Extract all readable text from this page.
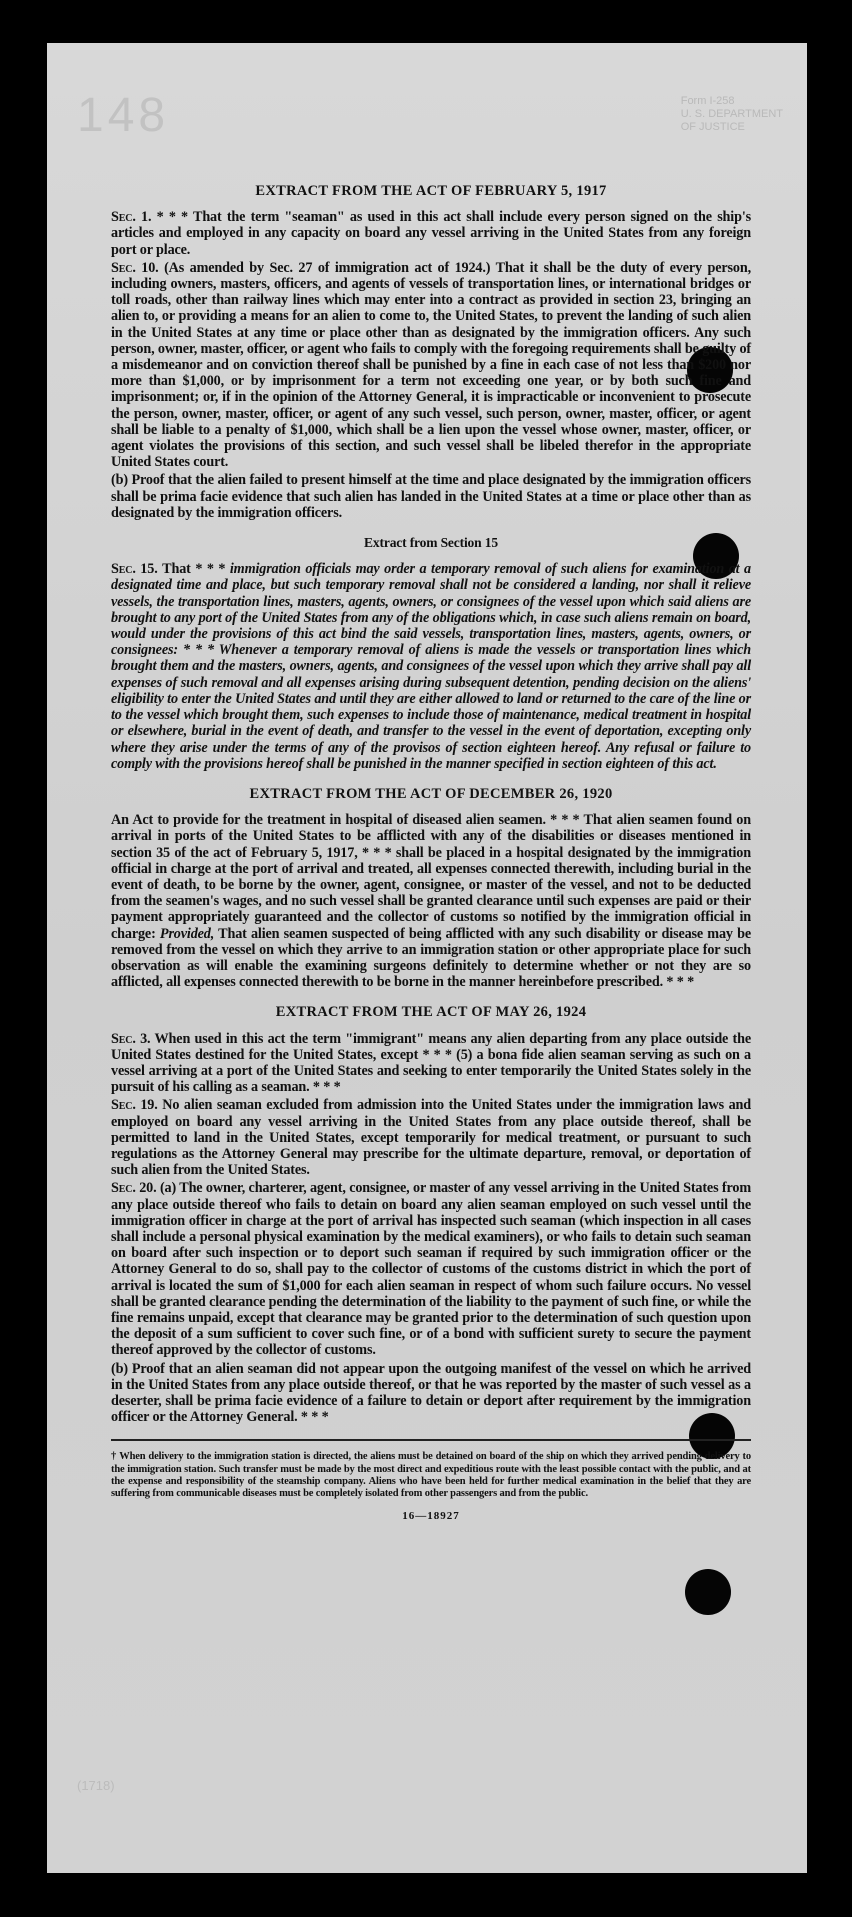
148	Form I-258
U. S. DEPARTMENT
OF JUSTICE
(1718)
EXTRACT FROM THE ACT OF FEBRUARY 5, 1917

Sec. 1. * * * That the term "seaman" as used in this act shall include every person signed on the ship's articles and employed in any capacity on board any vessel arriving in the United States from any foreign port or place.

Sec. 10. (As amended by Sec. 27 of immigration act of 1924.) That it shall be the duty of every person, including owners, masters, officers, and agents of vessels of transportation lines, or international bridges or toll roads, other than railway lines which may enter into a contract as provided in section 23, bringing an alien to, or providing a means for an alien to come to, the United States, to prevent the landing of such alien in the United States at any time or place other than as designated by the immigration officers. Any such person, owner, master, officer, or agent who fails to comply with the foregoing requirements shall be guilty of a misdemeanor and on conviction thereof shall be punished by a fine in each case of not less than $200 nor more than $1,000, or by imprisonment for a term not exceeding one year, or by both such fine and imprisonment; or, if in the opinion of the Attorney General, it is impracticable or inconvenient to prosecute the person, owner, master, officer, or agent of any such vessel, such person, owner, master, officer, or agent shall be liable to a penalty of $1,000, which shall be a lien upon the vessel whose owner, master, officer, or agent violates the provisions of this section, and such vessel shall be libeled therefor in the appropriate United States court.

(b) Proof that the alien failed to present himself at the time and place designated by the immigration officers shall be prima facie evidence that such alien has landed in the United States at a time or place other than as designated by the immigration officers.

Extract from Section 15

Sec. 15. That * * * immigration officials may order a temporary removal of such aliens for examination at a designated time and place, but such temporary removal shall not be considered a landing, nor shall it relieve vessels, the transportation lines, masters, agents, owners, or consignees of the vessel upon which said aliens are brought to any port of the United States from any of the obligations which, in case such aliens remain on board, would under the provisions of this act bind the said vessels, transportation lines, masters, agents, owners, or consignees: * * * Whenever a temporary removal of aliens is made the vessels or transportation lines which brought them and the masters, owners, agents, and consignees of the vessel upon which they arrive shall pay all expenses of such removal and all expenses arising during subsequent detention, pending decision on the aliens' eligibility to enter the United States and until they are either allowed to land or returned to the care of the line or to the vessel which brought them, such expenses to include those of maintenance, medical treatment in hospital or elsewhere, burial in the event of death, and transfer to the vessel in the event of deportation, excepting only where they arise under the terms of any of the provisos of section eighteen hereof. Any refusal or failure to comply with the provisions hereof shall be punished in the manner specified in section eighteen of this act.

EXTRACT FROM THE ACT OF DECEMBER 26, 1920

An Act to provide for the treatment in hospital of diseased alien seamen. * * * That alien seamen found on arrival in ports of the United States to be afflicted with any of the disabilities or diseases mentioned in section 35 of the act of February 5, 1917, * * * shall be placed in a hospital designated by the immigration official in charge at the port of arrival and treated, all expenses connected therewith, including burial in the event of death, to be borne by the owner, agent, consignee, or master of the vessel, and not to be deducted from the seamen's wages, and no such vessel shall be granted clearance until such expenses are paid or their payment appropriately guaranteed and the collector of customs so notified by the immigration official in charge: Provided, That alien seamen suspected of being afflicted with any such disability or disease may be removed from the vessel on which they arrive to an immigration station or other appropriate place for such observation as will enable the examining surgeons definitely to determine whether or not they are so afflicted, all expenses connected therewith to be borne in the manner hereinbefore prescribed. * * *

EXTRACT FROM THE ACT OF MAY 26, 1924

Sec. 3. When used in this act the term "immigrant" means any alien departing from any place outside the United States destined for the United States, except * * * (5) a bona fide alien seaman serving as such on a vessel arriving at a port of the United States and seeking to enter temporarily the United States solely in the pursuit of his calling as a seaman. * * *

Sec. 19. No alien seaman excluded from admission into the United States under the immigration laws and employed on board any vessel arriving in the United States from any place outside thereof, shall be permitted to land in the United States, except temporarily for medical treatment, or pursuant to such regulations as the Attorney General may prescribe for the ultimate departure, removal, or deportation of such alien from the United States.

Sec. 20. (a) The owner, charterer, agent, consignee, or master of any vessel arriving in the United States from any place outside thereof who fails to detain on board any alien seaman employed on such vessel until the immigration officer in charge at the port of arrival has inspected such seaman (which inspection in all cases shall include a personal physical examination by the medical examiners), or who fails to detain such seaman on board after such inspection or to deport such seaman if required by such immigration officer or the Attorney General to do so, shall pay to the collector of customs of the customs district in which the port of arrival is located the sum of $1,000 for each alien seaman in respect of whom such failure occurs. No vessel shall be granted clearance pending the determination of the liability to the payment of such fine, or while the fine remains unpaid, except that clearance may be granted prior to the determination of such question upon the deposit of a sum sufficient to cover such fine, or of a bond with sufficient surety to secure the payment thereof approved by the collector of customs.

(b) Proof that an alien seaman did not appear upon the outgoing manifest of the vessel on which he arrived in the United States from any place outside thereof, or that he was reported by the master of such vessel as a deserter, shall be prima facie evidence of a failure to detain or deport after requirement by the immigration officer or the Attorney General. * * *

† When delivery to the immigration station is directed, the aliens must be detained on board of the ship on which they arrived pending delivery to the immigration station. Such transfer must be made by the most direct and expeditious route with the least possible contact with the public, and at the expense and responsibility of the steamship company. Aliens who have been held for further medical examination in the belief that they are suffering from communicable diseases must be completely isolated from other passengers and from the public.

16—18927
